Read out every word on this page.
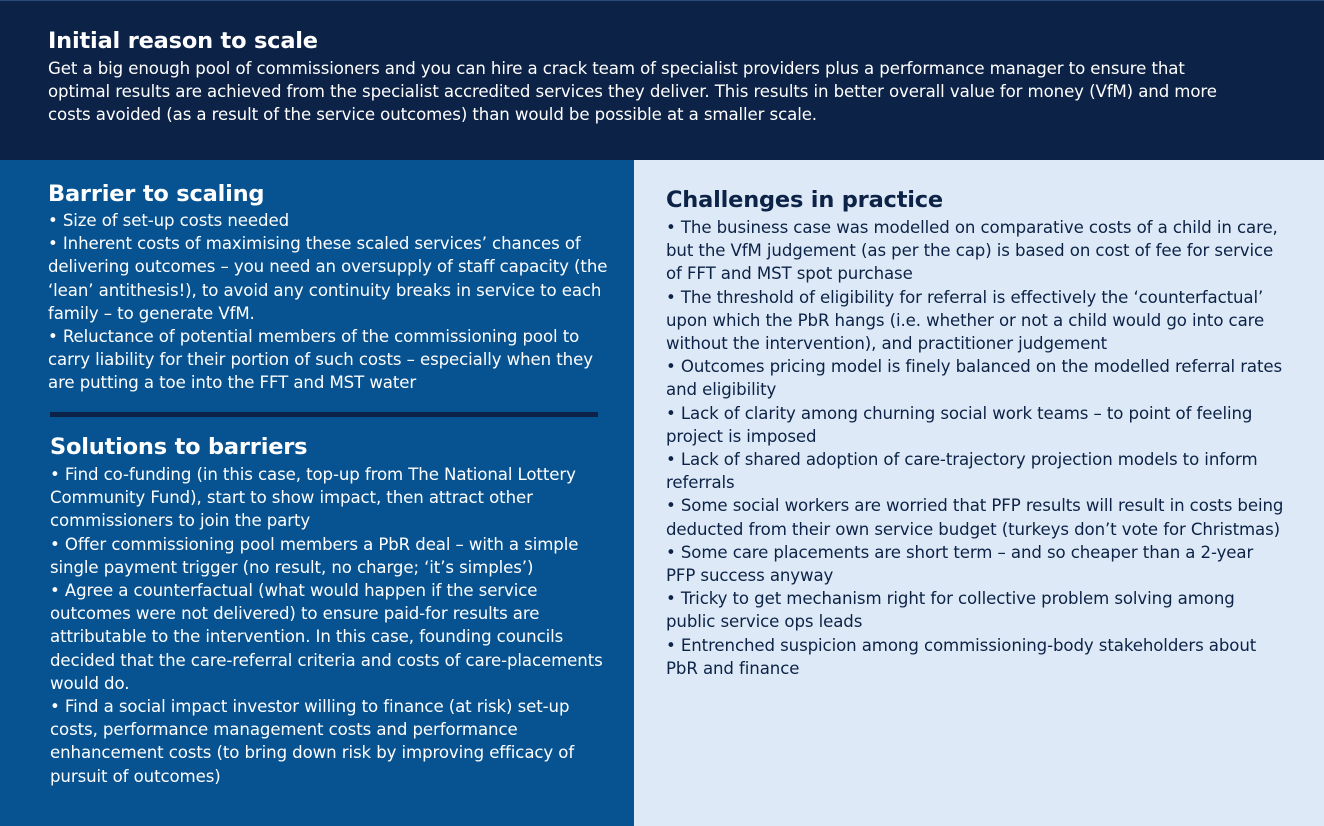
Initial reason to scale

Get a big enough pool of commissioners and you can hire a crack team of specialist providers plus a performance manager to ensure that optimal results are achieved from the specialist accredited services they deliver. This results in better overall value for money (VfM) and more costs avoided (as a result of the service outcomes) than would be possible at a smaller scale.

Barrier to scaling

• Size of set-up costs needed

• Inherent costs of maximising these scaled services’ chances of delivering outcomes – you need an oversupply of staff capacity (the ‘lean’ antithesis!), to avoid any continuity breaks in service to each family – to generate VfM.

• Reluctance of potential members of the commissioning pool to carry liability for their portion of such costs – especially when they are putting a toe into the FFT and MST water

Solutions to barriers

• Find co-funding (in this case, top-up from The National Lottery Community Fund), start to show impact, then attract other commissioners to join the party

• Offer commissioning pool members a PbR deal – with a simple single payment trigger (no result, no charge; ‘it’s simples’)

• Agree a counterfactual (what would happen if the service outcomes were not delivered) to ensure paid-for results are attributable to the intervention. In this case, founding councils decided that the care-referral criteria and costs of care-placements would do.

• Find a social impact investor willing to finance (at risk) set-up costs, performance management costs and performance enhancement costs (to bring down risk by improving efficacy of pursuit of outcomes)

Challenges in practice

• The business case was modelled on comparative costs of a child in care, but the VfM judgement (as per the cap) is based on cost of fee for service of FFT and MST spot purchase

• The threshold of eligibility for referral is effectively the ‘counterfactual’ upon which the PbR hangs (i.e. whether or not a child would go into care without the intervention), and practitioner judgement

• Outcomes pricing model is finely balanced on the modelled referral rates and eligibility

• Lack of clarity among churning social work teams – to point of feeling project is imposed

• Lack of shared adoption of care-trajectory projection models to inform referrals

• Some social workers are worried that PFP results will result in costs being deducted from their own service budget (turkeys don’t vote for Christmas)

• Some care placements are short term – and so cheaper than a 2-year PFP success anyway

• Tricky to get mechanism right for collective problem solving among public service ops leads

• Entrenched suspicion among commissioning-body stakeholders about PbR and finance
